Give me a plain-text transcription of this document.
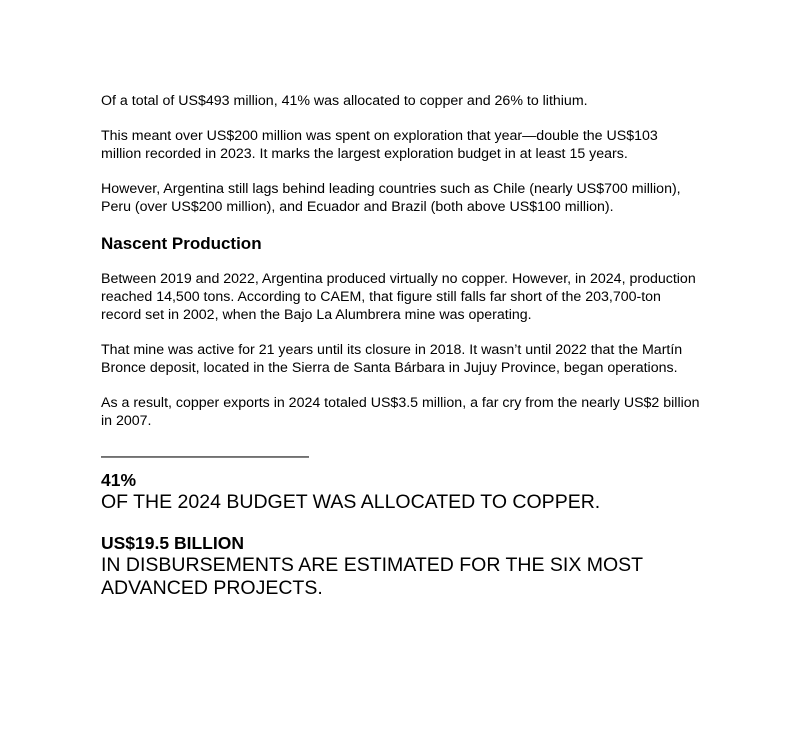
Of a total of US$493 million, 41% was allocated to copper and 26% to lithium.

This meant over US$200 million was spent on exploration that year—double the US$103 million recorded in 2023. It marks the largest exploration budget in at least 15 years.

However, Argentina still lags behind leading countries such as Chile (nearly US$700 million), Peru (over US$200 million), and Ecuador and Brazil (both above US$100 million).

Nascent Production

Between 2019 and 2022, Argentina produced virtually no copper. However, in 2024, production reached 14,500 tons. According to CAEM, that figure still falls far short of the 203,700-ton record set in 2002, when the Bajo La Alumbrera mine was operating.

That mine was active for 21 years until its closure in 2018. It wasn’t until 2022 that the Martín Bronce deposit, located in the Sierra de Santa Bárbara in Jujuy Province, began operations.

As a result, copper exports in 2024 totaled US$3.5 million, a far cry from the nearly US$2 billion in 2007.

—————————————
41%
OF THE 2024 BUDGET WAS ALLOCATED TO COPPER.
US$19.5 BILLION
IN DISBURSEMENTS ARE ESTIMATED FOR THE SIX MOST ADVANCED PROJECTS.
